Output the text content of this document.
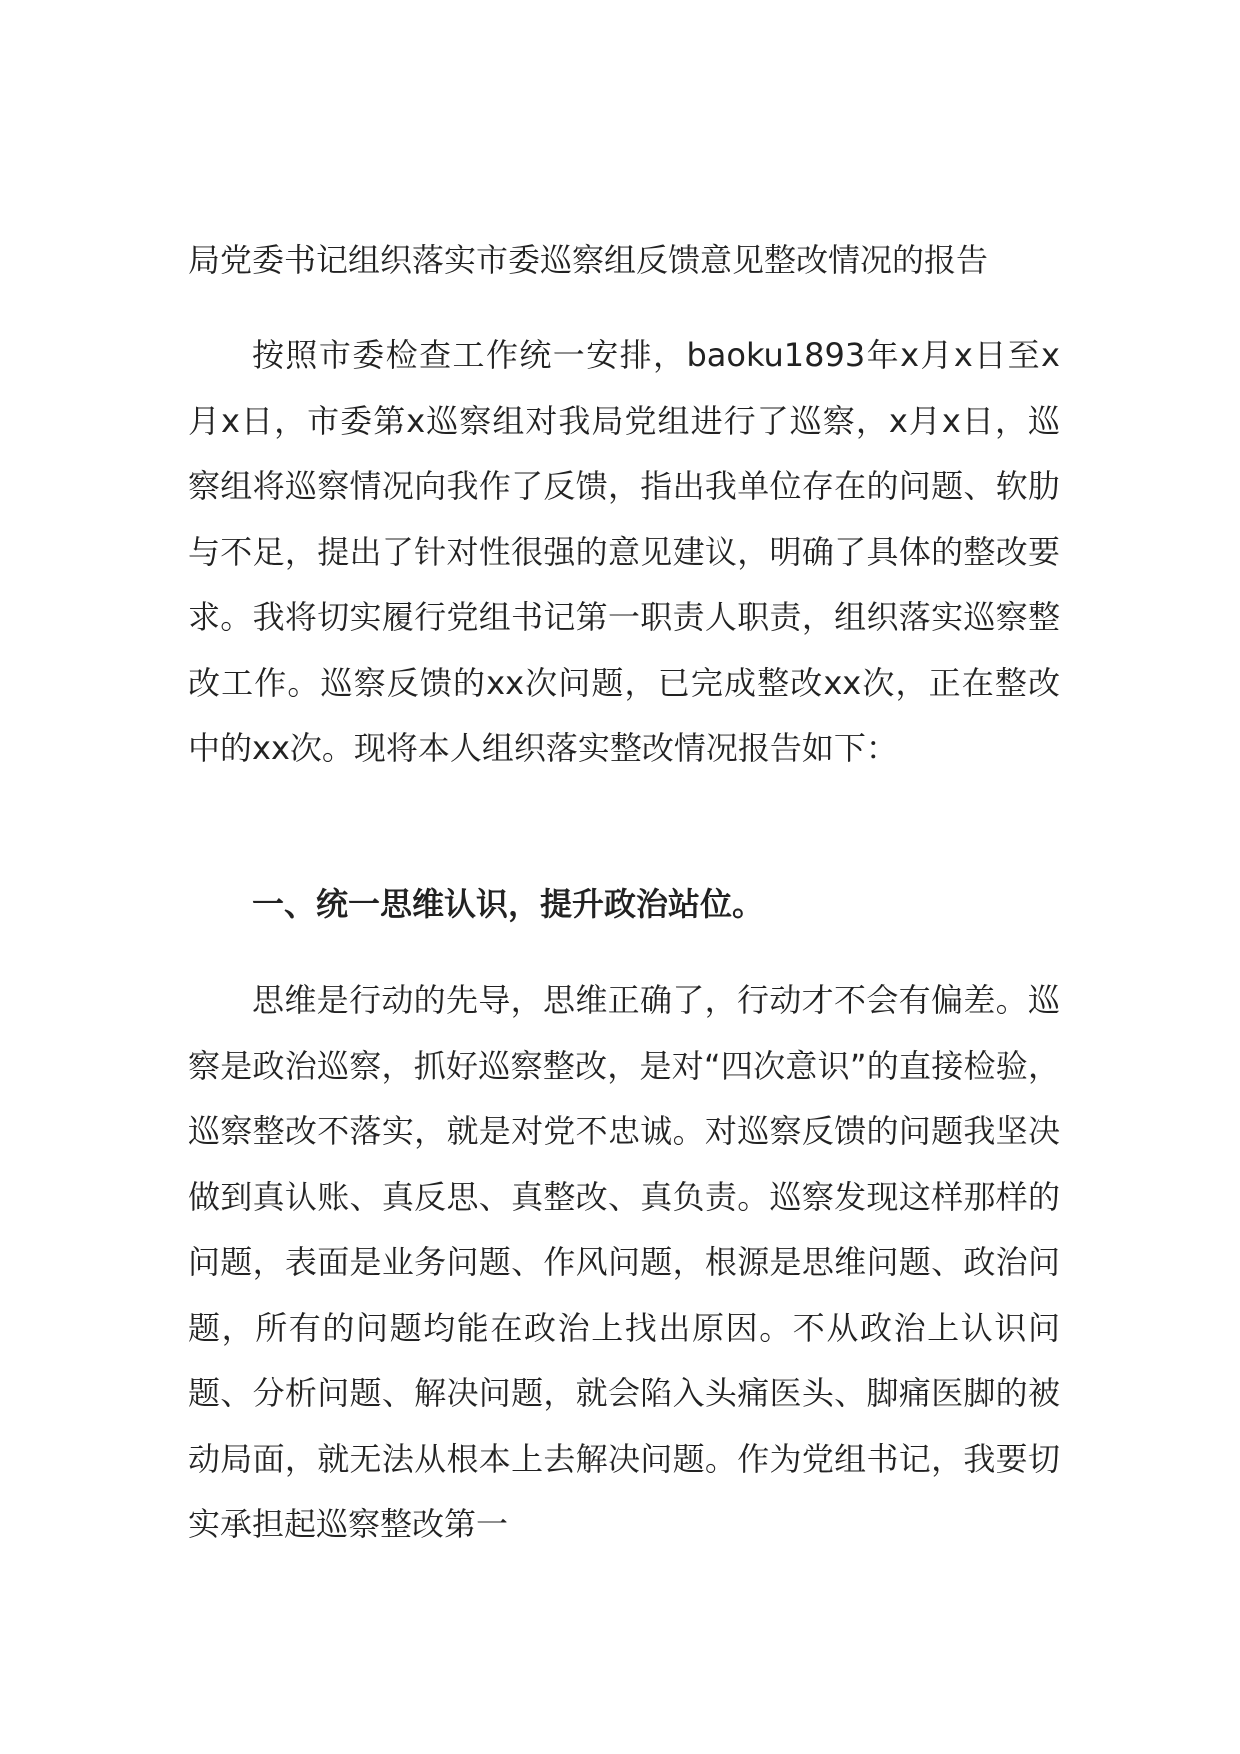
局党委书记组织落实市委巡察组反馈意见整改情况的报告

按照市委检查工作统一安排，baoku1893年x月x日至x月x日，市委第x巡察组对我局党组进行了巡察，x月x日，巡察组将巡察情况向我作了反馈，指出我单位存在的问题、软肋与不足，提出了针对性很强的意见建议，明确了具体的整改要求。我将切实履行党组书记第一职责人职责，组织落实巡察整改工作。巡察反馈的xx次问题，已完成整改xx次，正在整改中的xx次。现将本人组织落实整改情况报告如下：

一、统一思维认识，提升政治站位。

思维是行动的先导，思维正确了，行动才不会有偏差。巡察是政治巡察，抓好巡察整改，是对“四次意识”的直接检验，巡察整改不落实，就是对党不忠诚。对巡察反馈的问题我坚决做到真认账、真反思、真整改、真负责。巡察发现这样那样的问题，表面是业务问题、作风问题，根源是思维问题、政治问题，所有的问题均能在政治上找出原因。不从政治上认识问题、分析问题、解决问题，就会陷入头痛医头、脚痛医脚的被动局面，就无法从根本上去解决问题。作为党组书记，我要切实承担起巡察整改第一
